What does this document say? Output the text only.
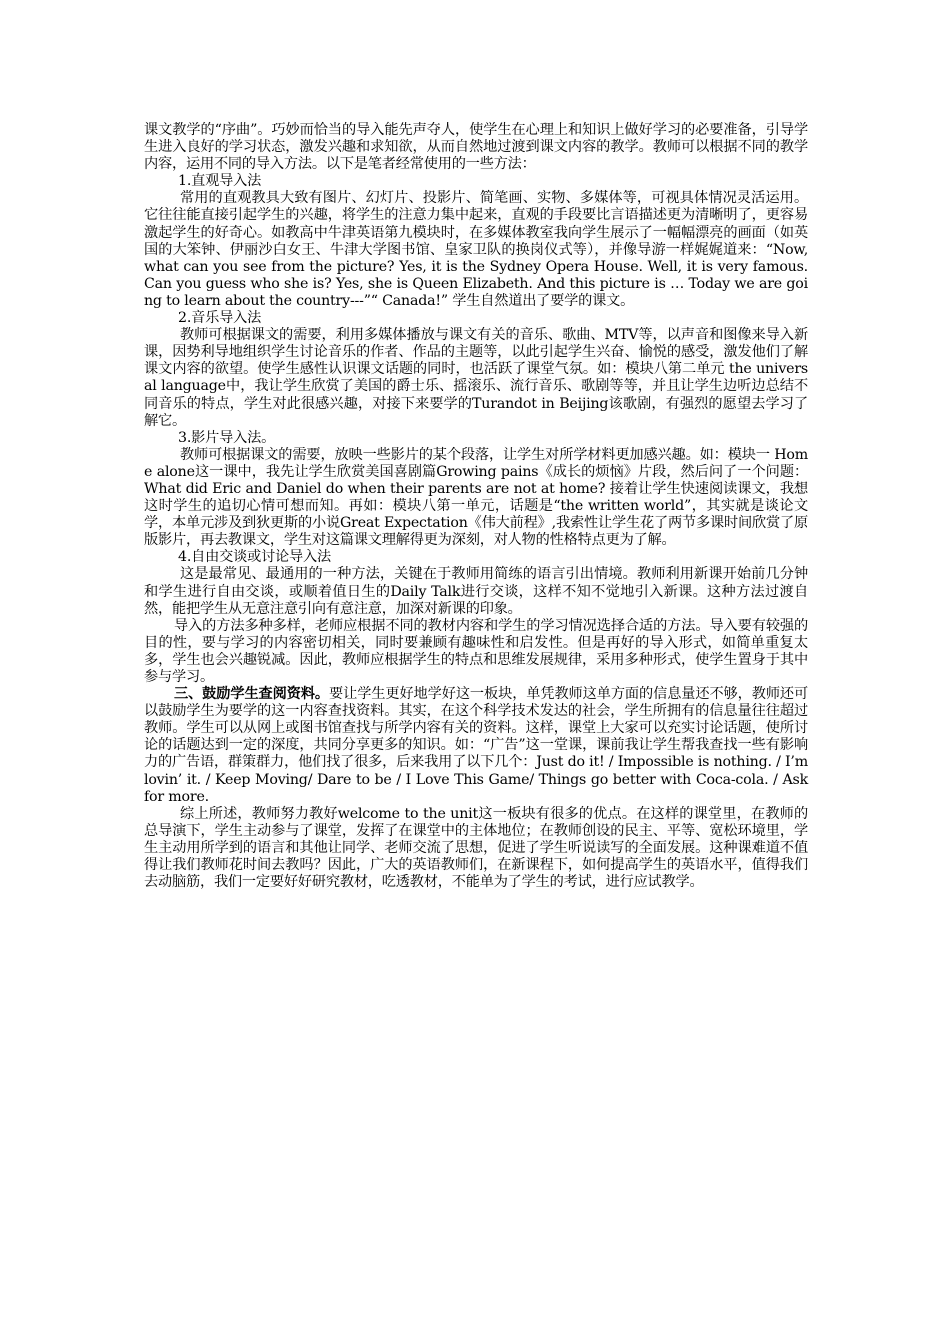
课文教学的“序曲”。巧妙而恰当的导入能先声夺人，使学生在心理上和知识上做好学习的必要准备，引导学生进入良好的学习状态，激发兴趣和求知欲，从而自然地过渡到课文内容的教学。教师可以根据不同的教学内容，运用不同的导入方法。以下是笔者经常使用的一些方法：
1.直观导入法
常用的直观教具大致有图片、幻灯片、投影片、简笔画、实物、多媒体等，可视具体情况灵活运用。它往往能直接引起学生的兴趣，将学生的注意力集中起来，直观的手段要比言语描述更为清晰明了，更容易激起学生的好奇心。如教高中牛津英语第九模块时，在多媒体教室我向学生展示了一幅幅漂亮的画面（如英国的大笨钟、伊丽沙白女王、牛津大学图书馆、皇家卫队的换岗仪式等），并像导游一样娓娓道来：“Now, what can you see from the picture? Yes, it is the Sydney Opera House. Well, it is very famous. Can you guess who she is? Yes, she is Queen Elizabeth. And this picture is … Today we are going to learn about the country---”“ Canada!” 学生自然道出了要学的课文。
2.音乐导入法
教师可根据课文的需要，利用多媒体播放与课文有关的音乐、歌曲、MTV等，以声音和图像来导入新课，因势利导地组织学生讨论音乐的作者、作品的主题等，以此引起学生兴奋、愉悦的感受，激发他们了解课文内容的欲望。使学生感性认识课文话题的同时，也活跃了课堂气氛。如：模块八第二单元 the universal language中，我让学生欣赏了美国的爵士乐、摇滚乐、流行音乐、歌剧等等，并且让学生边听边总结不同音乐的特点，学生对此很感兴趣，对接下来要学的Turandot in Beijing该歌剧，有强烈的愿望去学习了解它。
3.影片导入法。
教师可根据课文的需要，放映一些影片的某个段落，让学生对所学材料更加感兴趣。如：模块一 Home alone这一课中，我先让学生欣赏美国喜剧篇Growing pains《成长的烦恼》片段，然后问了一个问题：What did Eric and Daniel do when their parents are not at home? 接着让学生快速阅读课文，我想这时学生的追切心情可想而知。再如：模块八第一单元，话题是“the written world”，其实就是谈论文学，本单元涉及到狄更斯的小说Great Expectation《伟大前程》,我索性让学生花了两节多课时间欣赏了原版影片，再去教课文，学生对这篇课文理解得更为深刻，对人物的性格特点更为了解。
4.自由交谈或讨论导入法
这是最常见、最通用的一种方法，关键在于教师用简练的语言引出情境。教师利用新课开始前几分钟和学生进行自由交谈，或顺着值日生的Daily Talk进行交谈，这样不知不觉地引入新课。这种方法过渡自然，能把学生从无意注意引向有意注意，加深对新课的印象。
导入的方法多种多样，老师应根据不同的教材内容和学生的学习情况选择合适的方法。导入要有较强的目的性，要与学习的内容密切相关，同时要兼顾有趣味性和启发性。但是再好的导入形式，如简单重复太多，学生也会兴趣锐减。因此，教师应根据学生的特点和思维发展规律，采用多种形式，使学生置身于其中参与学习。
三、鼓励学生查阅资料。要让学生更好地学好这一板块，单凭教师这单方面的信息量还不够，教师还可以鼓励学生为要学的这一内容查找资料。其实，在这个科学技术发达的社会，学生所拥有的信息量往往超过教师。学生可以从网上或图书馆查找与所学内容有关的资料。这样，课堂上大家可以充实讨论话题，使所讨论的话题达到一定的深度，共同分享更多的知识。如：“广告”这一堂课，课前我让学生帮我查找一些有影响力的广告语，群策群力，他们找了很多，后来我用了以下几个：Just do it! / Impossible is nothing. / I’m lovin’ it. / Keep Moving/ Dare to be / I Love This Game/ Things go better with Coca-cola. / Ask for more.
综上所述，教师努力教好welcome to the unit这一板块有很多的优点。在这样的课堂里，在教师的总导演下，学生主动参与了课堂，发挥了在课堂中的主体地位；在教师创设的民主、平等、宽松环境里，学生主动用所学到的语言和其他让同学、老师交流了思想，促进了学生听说读写的全面发展。这种课难道不值得让我们教师花时间去教吗？因此，广大的英语教师们，在新课程下，如何提高学生的英语水平，值得我们去动脑筋，我们一定要好好研究教材，吃透教材，不能单为了学生的考试，进行应试教学。
